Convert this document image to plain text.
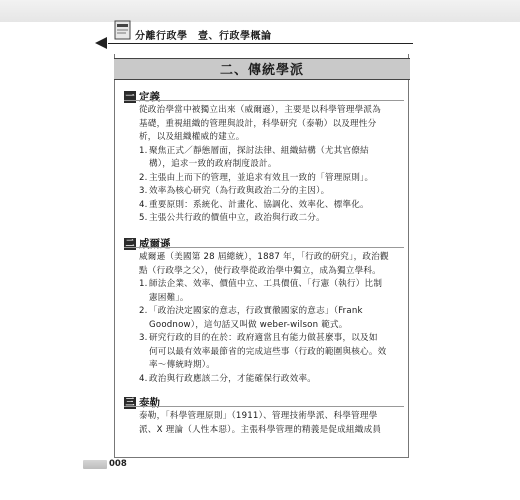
分離行政學　壹、行政學概論
二、傳統學派
一 定義
從政治學當中被獨立出來（威爾遜），主要是以科學管理學派為
基礎，重視組織的管理與設計，科學研究（泰勒）以及理性分
析，以及組織權威的建立。
1.聚焦正式／靜態層面，探討法律、組織結構（尤其官僚結
構），追求一致的政府制度設計。
2.主張由上而下的管理，並追求有效且一致的「管理原則」。
3.效率為核心研究（為行政與政治二分的主因）。
4.重要原則：系統化、計畫化、協調化、效率化、標準化。
5.主張公共行政的價值中立，政治與行政二分。
二 威爾遜
威爾遜（美國第 28 屆總統），1887 年，「行政的研究」，政治觀
點（行政學之父），使行政學從政治學中獨立，成為獨立學科。
1.師法企業、效率、價值中立、工具價值、「行憲（執行）比制
憲困難」。
2.「政治決定國家的意志，行政實徹國家的意志」（Frank
Goodnow），這句話又叫做 weber-wilson 範式。
3.研究行政的目的在於：政府適當且有能力做甚麼事，以及如
何可以最有效率最節省的完成這些事（行政的範圍與核心。效
率～傳統時期）。
4.政治與行政應該二分，才能確保行政效率。
三 泰勒
泰勒，「科學管理原則」（1911）、管理技術學派、科學管理學
派、X 理論（人性本惡）。主張科學管理的精義是促成組織成員
008
